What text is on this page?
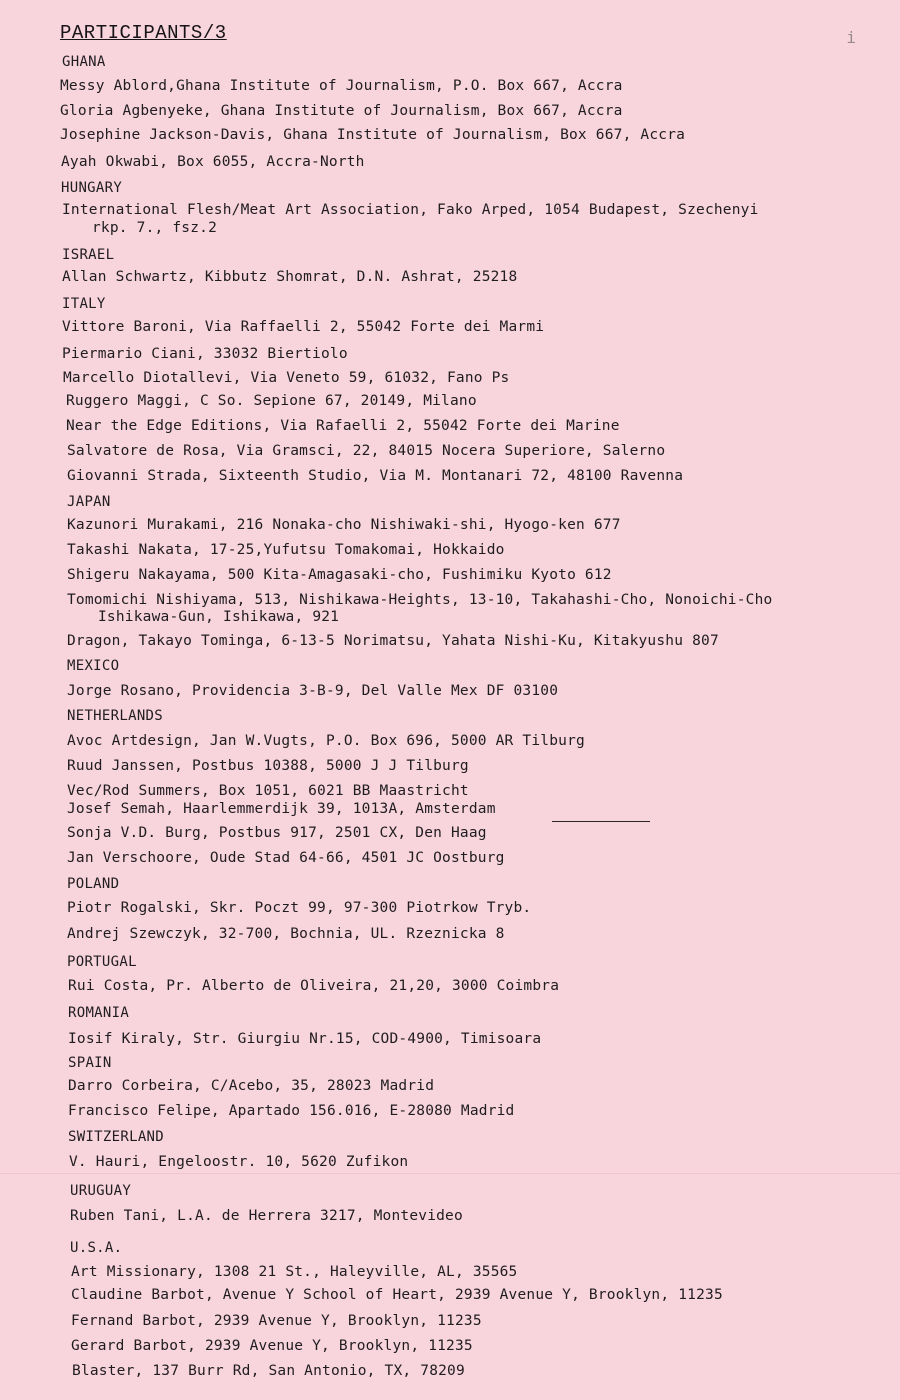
PARTICIPANTS/3	i
GHANA
Messy Ablord,Ghana Institute of Journalism, P.O. Box 667, Accra
Gloria Agbenyeke, Ghana Institute of Journalism, Box 667, Accra
Josephine Jackson-Davis, Ghana Institute of Journalism, Box 667, Accra
Ayah Okwabi, Box 6055, Accra-North
HUNGARY
International Flesh/Meat Art Association, Fako Arped, 1054 Budapest, Szechenyi
rkp. 7., fsz.2
ISRAEL
Allan Schwartz, Kibbutz Shomrat, D.N. Ashrat, 25218
ITALY
Vittore Baroni, Via Raffaelli 2, 55042 Forte dei Marmi
Piermario Ciani, 33032 Biertiolo
Marcello Diotallevi, Via Veneto 59, 61032, Fano Ps
Ruggero Maggi, C So. Sepione 67, 20149, Milano
Near the Edge Editions, Via Rafaelli 2, 55042 Forte dei Marine
Salvatore de Rosa, Via Gramsci, 22, 84015 Nocera Superiore, Salerno
Giovanni Strada, Sixteenth Studio, Via M. Montanari 72, 48100 Ravenna
JAPAN
Kazunori Murakami, 216 Nonaka-cho Nishiwaki-shi, Hyogo-ken 677
Takashi Nakata, 17-25,Yufutsu Tomakomai, Hokkaido
Shigeru Nakayama, 500 Kita-Amagasaki-cho, Fushimiku Kyoto 612
Tomomichi Nishiyama, 513, Nishikawa-Heights, 13-10, Takahashi-Cho, Nonoichi-Cho
Ishikawa-Gun, Ishikawa, 921
Dragon, Takayo Tominga, 6-13-5 Norimatsu, Yahata Nishi-Ku, Kitakyushu 807
MEXICO
Jorge Rosano, Providencia 3-B-9, Del Valle Mex DF 03100
NETHERLANDS
Avoc Artdesign, Jan W.Vugts, P.O. Box 696, 5000 AR Tilburg
Ruud Janssen, Postbus 10388, 5000 J J Tilburg
Vec/Rod Summers, Box 1051, 6021 BB Maastricht
Josef Semah, Haarlemmerdijk 39, 1013A, Amsterdam
Sonja V.D. Burg, Postbus 917, 2501 CX, Den Haag
Jan Verschoore, Oude Stad 64-66, 4501 JC Oostburg
POLAND
Piotr Rogalski, Skr. Poczt 99, 97-300 Piotrkow Tryb.
Andrej Szewczyk, 32-700, Bochnia, UL. Rzeznicka 8
PORTUGAL
Rui Costa, Pr. Alberto de Oliveira, 21,20, 3000 Coimbra
ROMANIA
Iosif Kiraly, Str. Giurgiu Nr.15, COD-4900, Timisoara
SPAIN
Darro Corbeira, C/Acebo, 35, 28023 Madrid
Francisco Felipe, Apartado 156.016, E-28080 Madrid
SWITZERLAND
V. Hauri, Engeloostr. 10, 5620 Zufikon
URUGUAY
Ruben Tani, L.A. de Herrera 3217, Montevideo
U.S.A.
Art Missionary, 1308 21 St., Haleyville, AL, 35565
Claudine Barbot, Avenue Y School of Heart, 2939 Avenue Y, Brooklyn, 11235
Fernand Barbot, 2939 Avenue Y, Brooklyn, 11235
Gerard Barbot, 2939 Avenue Y, Brooklyn, 11235
Blaster, 137 Burr Rd, San Antonio, TX, 78209
